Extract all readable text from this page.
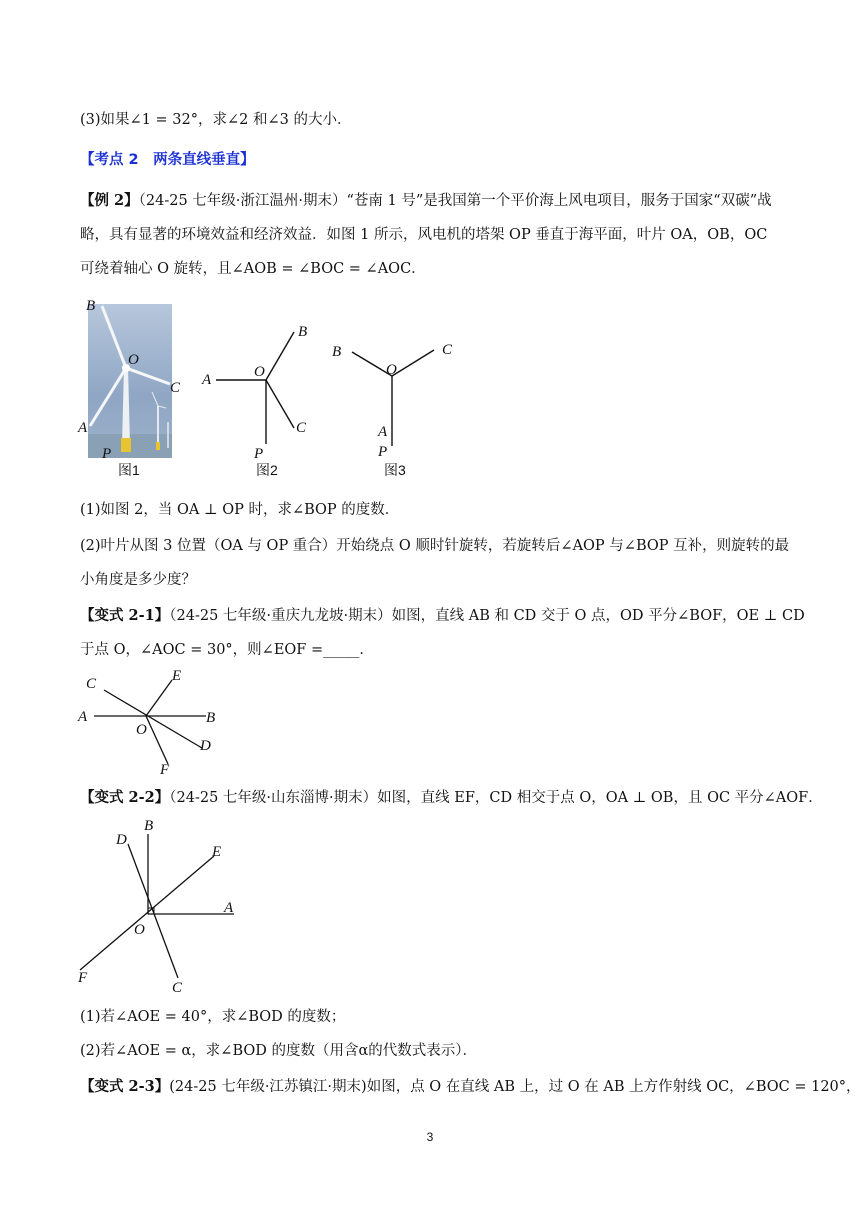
(3)如果∠1 = 32°，求∠2 和∠3 的大小．
【考点 2　两条直线垂直】
【例 2】（24-25 七年级·浙江温州·期末）“苍南 1 号”是我国第一个平价海上风电项目，服务于国家“双碳”战
略，具有显著的环境效益和经济效益．如图 1 所示，风电机的塔架 OP 垂直于海平面，叶片 OA，OB，OC
可绕着轴心 O 旋转，且∠AOB = ∠BOC = ∠AOC．
B
O
C
A
P
图1
B
O
A
C
P
图2
B	C
O
A
P
图3
(1)如图 2，当 OA ⊥ OP 时，求∠BOP 的度数．
(2)叶片从图 3 位置（OA 与 OP 重合）开始绕点 O 顺时针旋转，若旋转后∠AOP 与∠BOP 互补，则旋转的最
小角度是多少度？
【变式 2-1】（24-25 七年级·重庆九龙坡·期末）如图，直线 AB 和 CD 交于 O 点，OD 平分∠BOF，OE ⊥ CD
于点 O，∠AOC = 30°，则∠EOF =_____．
C	E
A	B
O
D
F
【变式 2-2】（24-25 七年级·山东淄博·期末）如图，直线 EF，CD 相交于点 O，OA ⊥ OB，且 OC 平分∠AOF．
B
D
E
A
O
F
C
(1)若∠AOE = 40°，求∠BOD 的度数；
(2)若∠AOE = α，求∠BOD 的度数（用含α的代数式表示）．
【变式 2-3】(24-25 七年级·江苏镇江·期末)如图，点 O 在直线 AB 上，过 O 在 AB 上方作射线 OC，∠BOC = 120°，
3
